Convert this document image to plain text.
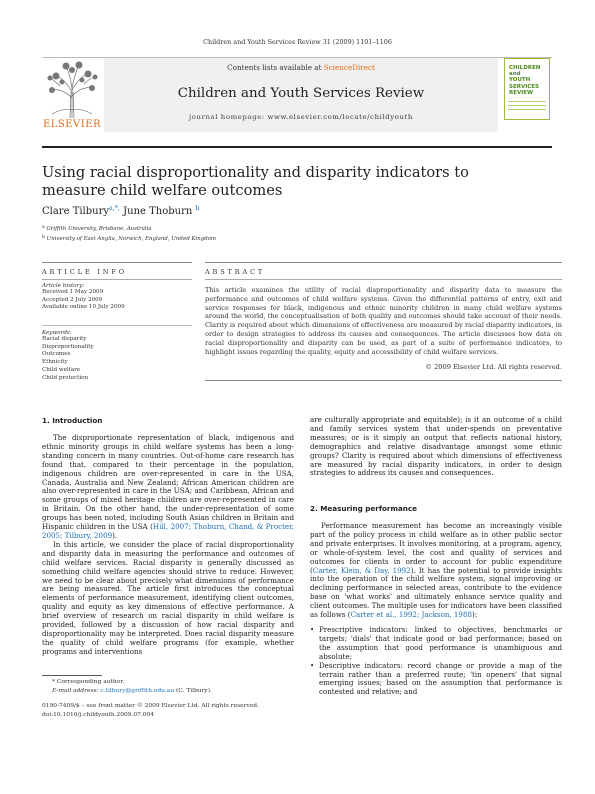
Children and Youth Services Review 31 (2009) 1101–1106
ELSEVIER
Contents lists available at ScienceDirect
Children and Youth Services Review
journal homepage: www.elsevier.com/locate/childyouth
CHILDREN
and
YOUTH
SERVICES
REVIEW
Using racial disproportionality and disparity indicators to measure child welfare outcomes
Clare Tilbury$^{a,*,}$ June Thoburn $^b$
a Griffith University, Brisbane, Australia
b University of East Anglia, Norwich, England, United Kingdom
ARTICLE INFO	ABSTRACT
Article history:
Received 1 May 2009
Accepted 2 July 2009
Available online 10 July 2009
Keywords:
Racial disparity
Disproportionality
Outcomes
Ethnicity
Child welfare
Child protection
This article examines the utility of racial disproportionality and disparity data to measure the performance and outcomes of child welfare systems. Given the differential patterns of entry, exit and service responses for black, indigenous and ethnic minority children in many child welfare systems around the world, the conceptualisation of both quality and outcomes should take account of their needs. Clarity is required about which dimensions of effectiveness are measured by racial disparity indicators, in order to design strategies to address its causes and consequences. The article discusses how data on racial disproportionality and disparity can be used, as part of a suite of performance indicators, to highlight issues regarding the quality, equity and accessibility of child welfare services.
© 2009 Elsevier Ltd. All rights reserved.
1. Introduction

The disproportionate representation of black, indigenous and ethnic minority groups in child welfare systems has been a long-standing concern in many countries. Out-of-home care research has found that, compared to their percentage in the population, indigenous children are over-represented in care in the USA, Canada, Australia and New Zealand; African American children are also over-represented in care in the USA; and Caribbean, African and some groups of mixed heritage children are over-represented in care in Britain. On the other hand, the under-representation of some groups has been noted, including South Asian children in Britain and Hispanic children in the USA (Hill, 2007; Thoburn, Chand, & Procter, 2005; Tilbury, 2009).

In this article, we consider the place of racial disproportionality and disparity data in measuring the performance and outcomes of child welfare services. Racial disparity is generally discussed as something child welfare agencies should strive to reduce. However, we need to be clear about precisely what dimensions of performance are being measured. The article first introduces the conceptual elements of performance measurement, identifying client outcomes, quality and equity as key dimensions of effective performance. A brief overview of research on racial disparity in child welfare is provided, followed by a discussion of how racial disparity and disproportionality may be interpreted. Does racial disparity measure the quality of child welfare programs (for example, whether programs and interventions

* Corresponding author.
E-mail address: c.tilbury@griffith.edu.au (C. Tilbury).
0190-7409/$ – see front matter © 2009 Elsevier Ltd. All rights reserved.
doi:10.1016/j.childyouth.2009.07.004

are culturally appropriate and equitable); is it an outcome of a child and family services system that under-spends on preventative measures; or is it simply an output that reflects national history, demographics and relative disadvantage amongst some ethnic groups? Clarity is required about which dimensions of effectiveness are measured by racial disparity indicators, in order to design strategies to address its causes and consequences.

2. Measuring performance

Performance measurement has become an increasingly visible part of the policy process in child welfare as in other public sector and private enterprises. It involves monitoring, at a program, agency, or whole-of-system level, the cost and quality of services and outcomes for clients in order to account for public expenditure (Carter, Klein, & Day, 1992). It has the potential to provide insights into the operation of the child welfare system, signal improving or declining performance in selected areas, contribute to the evidence base on 'what works' and ultimately enhance service quality and client outcomes. The multiple uses for indicators have been classified as follows (Carter et al., 1992; Jackson, 1988):

• Prescriptive indicators: linked to objectives, benchmarks or targets; 'dials' that indicate good or bad performance; based on the assumption that good performance is unambiguous and absolute;
• Descriptive indicators: record change or provide a map of the terrain rather than a preferred route; 'tin openers' that signal emerging issues; based on the assumption that performance is contested and relative; and
